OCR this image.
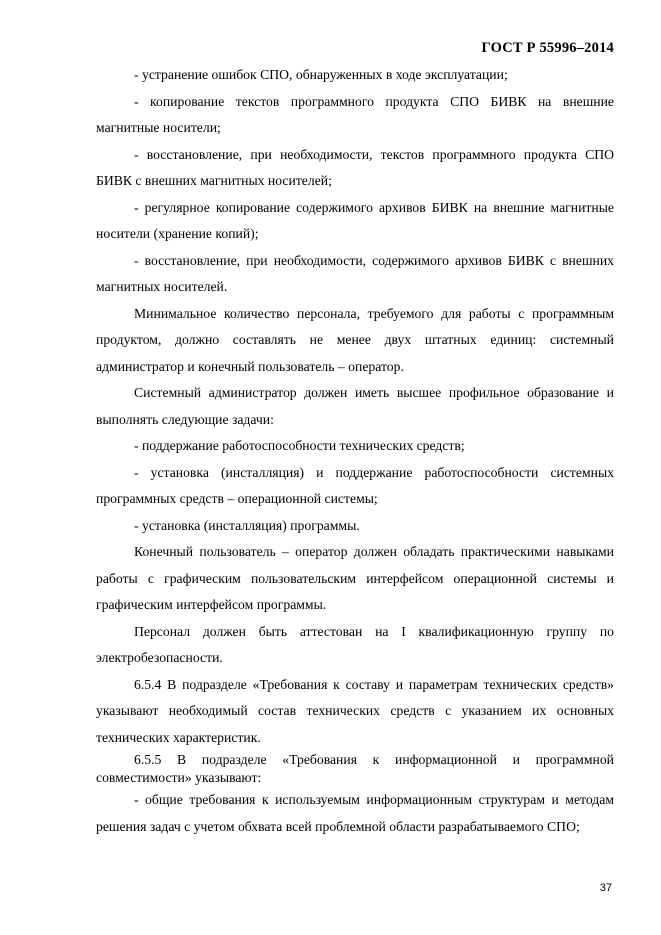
ГОСТ Р 55996–2014

- устранение ошибок СПО, обнаруженных в ходе эксплуатации;

- копирование текстов программного продукта СПО БИВК на внешние магнитные носители;

- восстановление, при необходимости, текстов программного продукта СПО БИВК с внешних магнитных носителей;

- регулярное копирование содержимого архивов БИВК на внешние магнитные носители (хранение копий);

- восстановление, при необходимости, содержимого архивов БИВК с внешних магнитных носителей.

Минимальное количество персонала, требуемого для работы с программным продуктом, должно составлять не менее двух штатных единиц: системный администратор и конечный пользователь – оператор.

Системный администратор должен иметь высшее профильное образование и выполнять следующие задачи:

- поддержание работоспособности технических средств;

- установка (инсталляция) и поддержание работоспособности системных программных средств – операционной системы;

- установка (инсталляция) программы.

Конечный пользователь – оператор должен обладать практическими навыками работы с графическим пользовательским интерфейсом операционной системы и графическим интерфейсом программы.

Персонал должен быть аттестован на I квалификационную группу по электробезопасности.

6.5.4 В подразделе «Требования к составу и параметрам технических средств» указывают необходимый состав технических средств с указанием их основных технических характеристик.

6.5.5 В подразделе «Требования к информационной и программной совместимости» указывают:

- общие требования к используемым информационным структурам и методам решения задач с учетом обхвата всей проблемной области разрабатываемого СПО;

37
